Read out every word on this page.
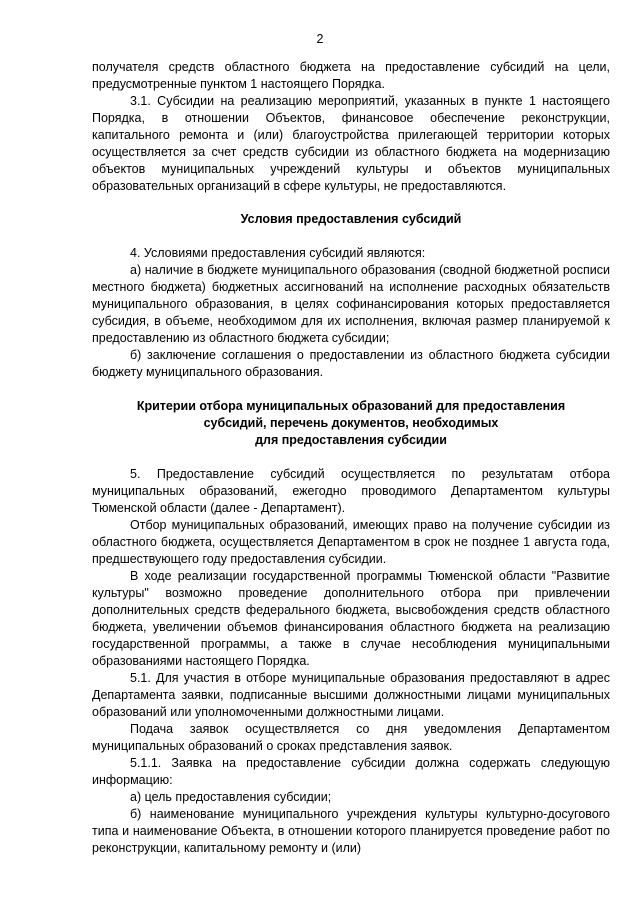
2

получателя средств областного бюджета на предоставление субсидий на цели, предусмотренные пунктом 1 настоящего Порядка.

3.1. Субсидии на реализацию мероприятий, указанных в пункте 1 настоящего Порядка, в отношении Объектов, финансовое обеспечение реконструкции, капитального ремонта и (или) благоустройства прилегающей территории которых осуществляется за счет средств субсидии из областного бюджета на модернизацию объектов муниципальных учреждений культуры и объектов муниципальных образовательных организаций в сфере культуры, не предоставляются.

Условия предоставления субсидий

4. Условиями предоставления субсидий являются:

а) наличие в бюджете муниципального образования (сводной бюджетной росписи местного бюджета) бюджетных ассигнований на исполнение расходных обязательств муниципального образования, в целях софинансирования которых предоставляется субсидия, в объеме, необходимом для их исполнения, включая размер планируемой к предоставлению из областного бюджета субсидии;

б) заключение соглашения о предоставлении из областного бюджета субсидии бюджету муниципального образования.

Критерии отбора муниципальных образований для предоставления
субсидий, перечень документов, необходимых
для предоставления субсидии

5. Предоставление субсидий осуществляется по результатам отбора муниципальных образований, ежегодно проводимого Департаментом культуры Тюменской области (далее - Департамент).

Отбор муниципальных образований, имеющих право на получение субсидии из областного бюджета, осуществляется Департаментом в срок не позднее 1 августа года, предшествующего году предоставления субсидии.

В ходе реализации государственной программы Тюменской области "Развитие культуры" возможно проведение дополнительного отбора при привлечении дополнительных средств федерального бюджета, высвобождения средств областного бюджета, увеличении объемов финансирования областного бюджета на реализацию государственной программы, а также в случае несоблюдения муниципальными образованиями настоящего Порядка.

5.1. Для участия в отборе муниципальные образования предоставляют в адрес Департамента заявки, подписанные высшими должностными лицами муниципальных образований или уполномоченными должностными лицами.

Подача заявок осуществляется со дня уведомления Департаментом муниципальных образований о сроках представления заявок.

5.1.1. Заявка на предоставление субсидии должна содержать следующую информацию:

а) цель предоставления субсидии;

б) наименование муниципального учреждения культуры культурно-досугового типа и наименование Объекта, в отношении которого планируется проведение работ по реконструкции, капитальному ремонту и (или)
